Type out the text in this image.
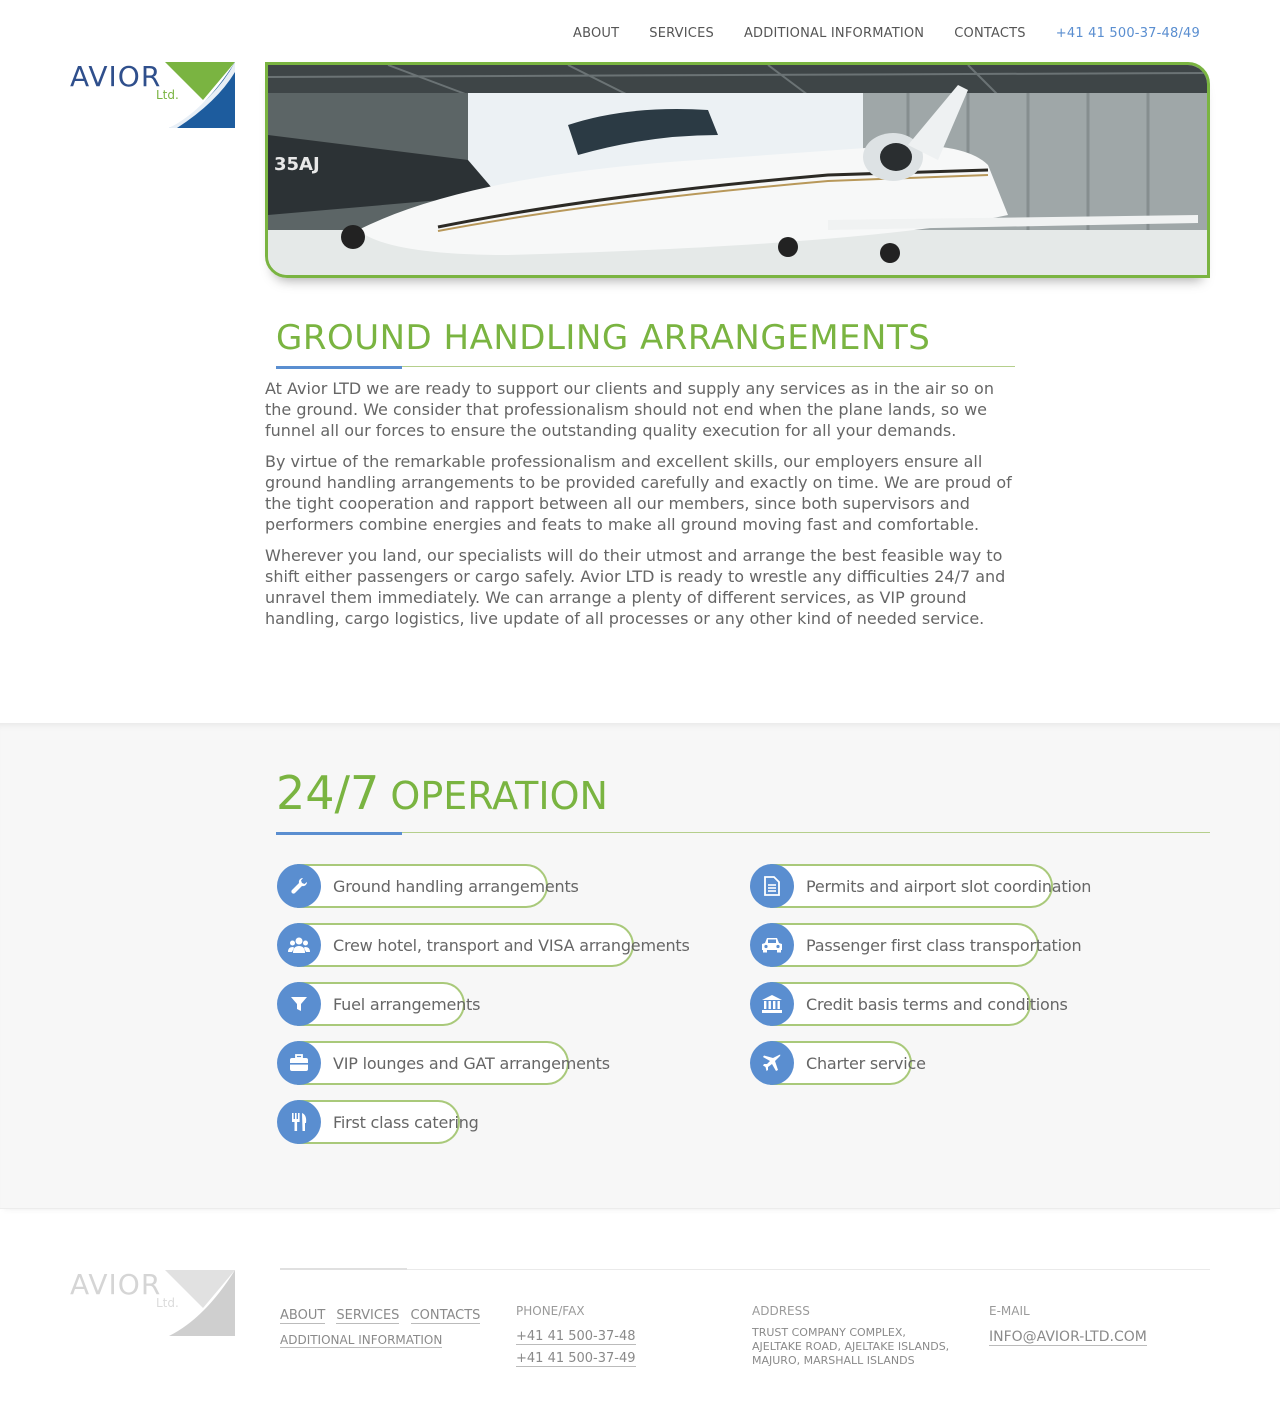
AVIOR
Ltd.
ABOUT SERVICES ADDITIONAL INFORMATION CONTACTS +41 41 500-37-48/49
35AJ
GROUND HANDLING ARRANGEMENTS

At Avior LTD we are ready to support our clients and supply any services as in the air so on the ground. We consider that professionalism should not end when the plane lands, so we funnel all our forces to ensure the outstanding quality execution for all your demands.

By virtue of the remarkable professionalism and excellent skills, our employers ensure all ground handling arrangements to be provided carefully and exactly on time. We are proud of the tight cooperation and rapport between all our members, since both supervisors and performers combine energies and feats to make all ground moving fast and comfortable.

Wherever you land, our specialists will do their utmost and arrange the best feasible way to shift either passengers or cargo safely. Avior LTD is ready to wrestle any difficulties 24/7 and unravel them immediately. We can arrange a plenty of different services, as VIP ground handling, cargo logistics, live update of all processes or any other kind of needed service.

24/7 OPERATION
Ground handling arrangements
Crew hotel, transport and VISA arrangements
Fuel arrangements
VIP lounges and GAT arrangements
First class catering
Permits and airport slot coordination
Passenger first class transportation
Credit basis terms and conditions
Charter service
AVIOR
Ltd.
ABOUT SERVICES CONTACTS
ADDITIONAL INFORMATION
PHONE/FAX
+41 41 500-37-48
+41 41 500-37-49
ADDRESS
TRUST COMPANY COMPLEX,
AJELTAKE ROAD, AJELTAKE ISLANDS,
MAJURO, MARSHALL ISLANDS
E-MAIL
INFO@AVIOR-LTD.COM
